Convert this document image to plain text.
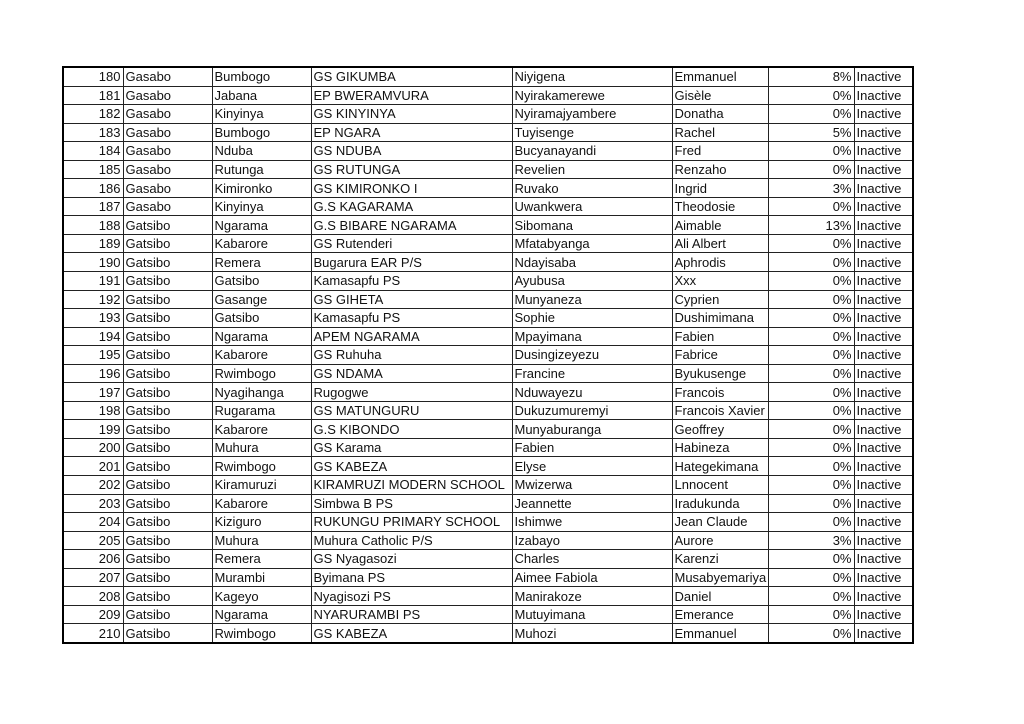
180	Gasabo	Bumbogo	GS GIKUMBA	Niyigena	Emmanuel	8%	Inactive
181	Gasabo	Jabana	EP BWERAMVURA	Nyirakamerewe	Gisèle	0%	Inactive
182	Gasabo	Kinyinya	GS KINYINYA	Nyiramajyambere	Donatha	0%	Inactive
183	Gasabo	Bumbogo	EP NGARA	Tuyisenge	Rachel	5%	Inactive
184	Gasabo	Nduba	GS NDUBA	Bucyanayandi	Fred	0%	Inactive
185	Gasabo	Rutunga	GS RUTUNGA	Revelien	Renzaho	0%	Inactive
186	Gasabo	Kimironko	GS KIMIRONKO I	Ruvako	Ingrid	3%	Inactive
187	Gasabo	Kinyinya	G.S KAGARAMA	Uwankwera	Theodosie	0%	Inactive
188	Gatsibo	Ngarama	G.S BIBARE NGARAMA	Sibomana	Aimable	13%	Inactive
189	Gatsibo	Kabarore	GS Rutenderi	Mfatabyanga	Ali Albert	0%	Inactive
190	Gatsibo	Remera	Bugarura EAR P/S	Ndayisaba	Aphrodis	0%	Inactive
191	Gatsibo	Gatsibo	Kamasapfu PS	Ayubusa	Xxx	0%	Inactive
192	Gatsibo	Gasange	GS GIHETA	Munyaneza	Cyprien	0%	Inactive
193	Gatsibo	Gatsibo	Kamasapfu PS	Sophie	Dushimimana	0%	Inactive
194	Gatsibo	Ngarama	APEM NGARAMA	Mpayimana	Fabien	0%	Inactive
195	Gatsibo	Kabarore	GS Ruhuha	Dusingizeyezu	Fabrice	0%	Inactive
196	Gatsibo	Rwimbogo	GS NDAMA	Francine	Byukusenge	0%	Inactive
197	Gatsibo	Nyagihanga	Rugogwe	Nduwayezu	Francois	0%	Inactive
198	Gatsibo	Rugarama	GS MATUNGURU	Dukuzumuremyi	Francois Xavier	0%	Inactive
199	Gatsibo	Kabarore	G.S KIBONDO	Munyaburanga	Geoffrey	0%	Inactive
200	Gatsibo	Muhura	GS Karama	Fabien	Habineza	0%	Inactive
201	Gatsibo	Rwimbogo	GS KABEZA	Elyse	Hategekimana	0%	Inactive
202	Gatsibo	Kiramuruzi	KIRAMRUZI MODERN SCHOOL	Mwizerwa	Lnnocent	0%	Inactive
203	Gatsibo	Kabarore	Simbwa B PS	Jeannette	Iradukunda	0%	Inactive
204	Gatsibo	Kiziguro	RUKUNGU PRIMARY SCHOOL	Ishimwe	Jean Claude	0%	Inactive
205	Gatsibo	Muhura	Muhura Catholic P/S	Izabayo	Aurore	3%	Inactive
206	Gatsibo	Remera	GS Nyagasozi	Charles	Karenzi	0%	Inactive
207	Gatsibo	Murambi	Byimana PS	Aimee Fabiola	Musabyemariya	0%	Inactive
208	Gatsibo	Kageyo	Nyagisozi PS	Manirakoze	Daniel	0%	Inactive
209	Gatsibo	Ngarama	NYARURAMBI PS	Mutuyimana	Emerance	0%	Inactive
210	Gatsibo	Rwimbogo	GS KABEZA	Muhozi	Emmanuel	0%	Inactive
